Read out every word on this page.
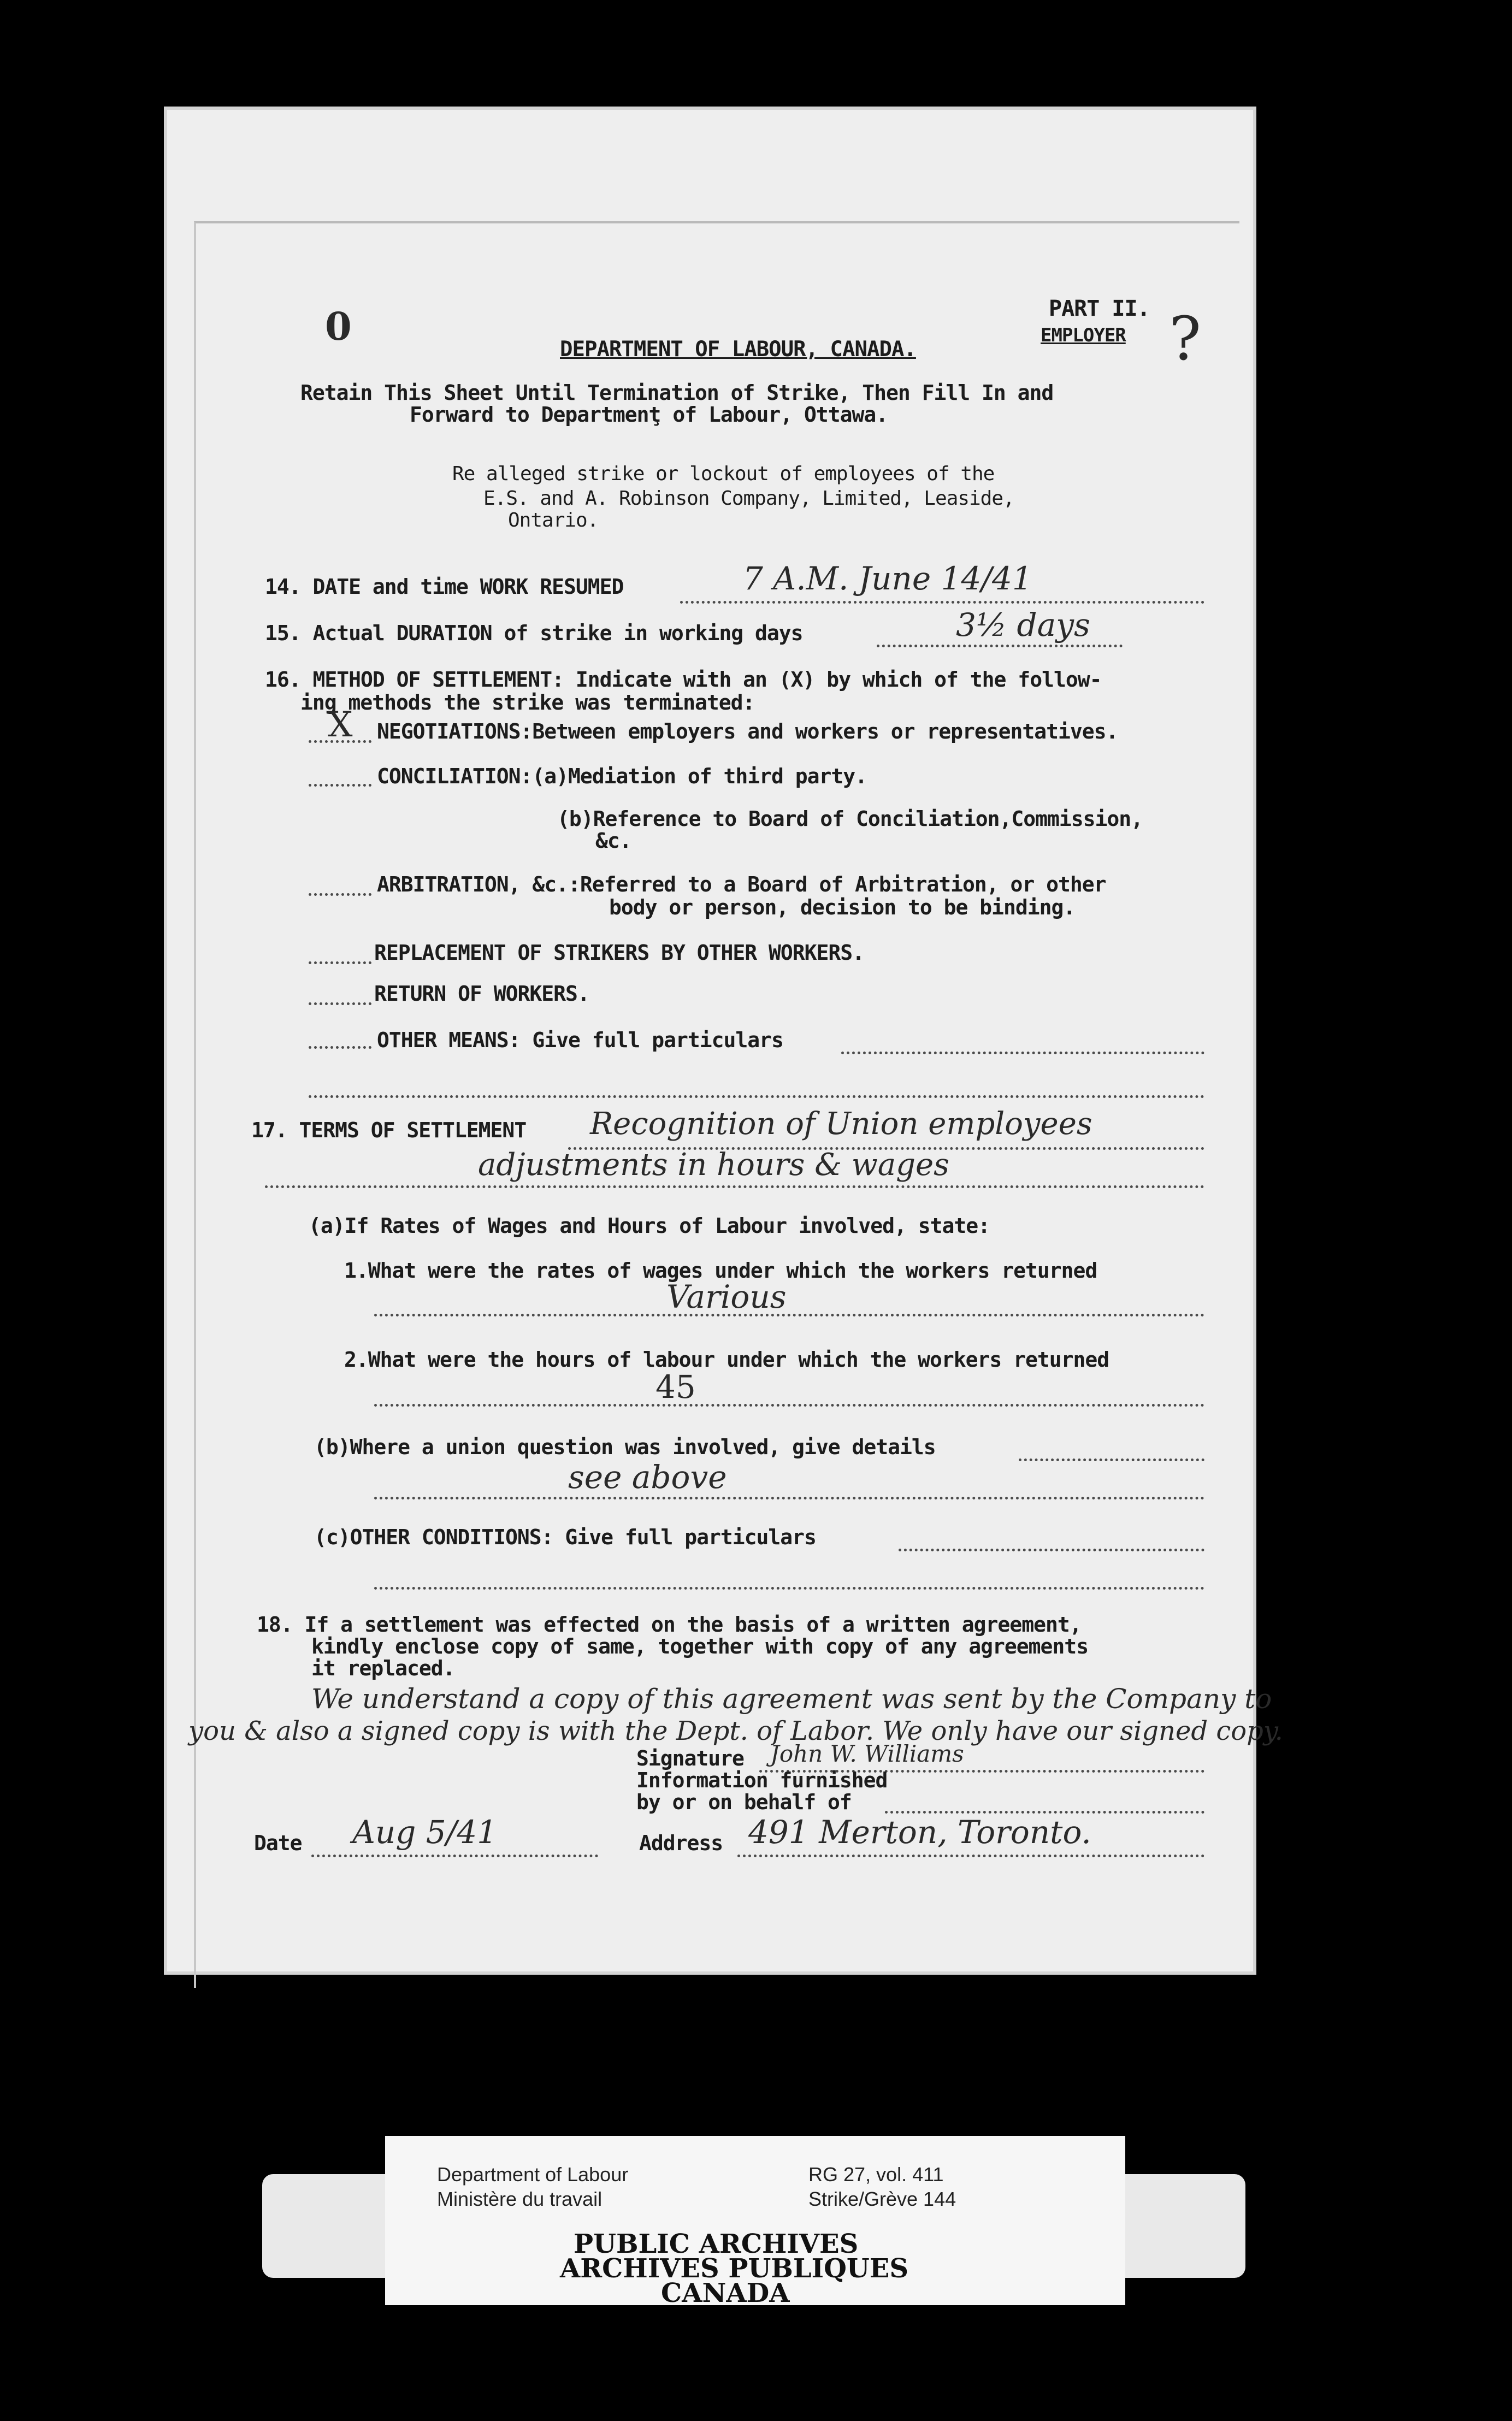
PART II.
EMPLOYER ?
0
DEPARTMENT OF LABOUR, CANADA.
Retain This Sheet Until Termination of Strike, Then Fill In and
Forward to Departmenţ of Labour, Ottawa.
Re alleged strike or lockout of employees of the
E.S. and A. Robinson Company, Limited, Leaside,
Ontario.
14. DATE and time WORK RESUMED	7 A.M. June 14/41
15. Actual DURATION of strike in working days	3½ days
16. METHOD OF SETTLEMENT: Indicate with an (X) by which of the follow-
ing methods the strike was terminated:
X NEGOTIATIONS:Between employers and workers or representatives.
CONCILIATION:(a)Mediation of third party.
(b)Reference to Board of Conciliation,Commission,
&c.
ARBITRATION, &c.:Referred to a Board of Arbitration, or other
body or person, decision to be binding.
REPLACEMENT OF STRIKERS BY OTHER WORKERS.
RETURN OF WORKERS.
OTHER MEANS: Give full particulars
17. TERMS OF SETTLEMENT Recognition of Union employees
adjustments in hours & wages
(a)If Rates of Wages and Hours of Labour involved, state:
1.What were the rates of wages under which the workers returned
Various
2.What were the hours of labour under which the workers returned
45
(b)Where a union question was involved, give details
see above
(c)OTHER CONDITIONS: Give full particulars
18. If a settlement was effected on the basis of a written agreement,
kindly enclose copy of same, together with copy of any agreements
it replaced.
We understand a copy of this agreement was sent by the Company to
you & also a signed copy is with the Dept. of Labor. We only have our signed copy.
Signature John W. Williams
Information furnished
by or on behalf of
Date Aug 5/41	Address 491 Merton, Toronto.
Department of Labour
Ministère du travail
RG 27, vol. 411
Strike/Grève 144
PUBLIC ARCHIVES
ARCHIVES PUBLIQUES
CANADA
